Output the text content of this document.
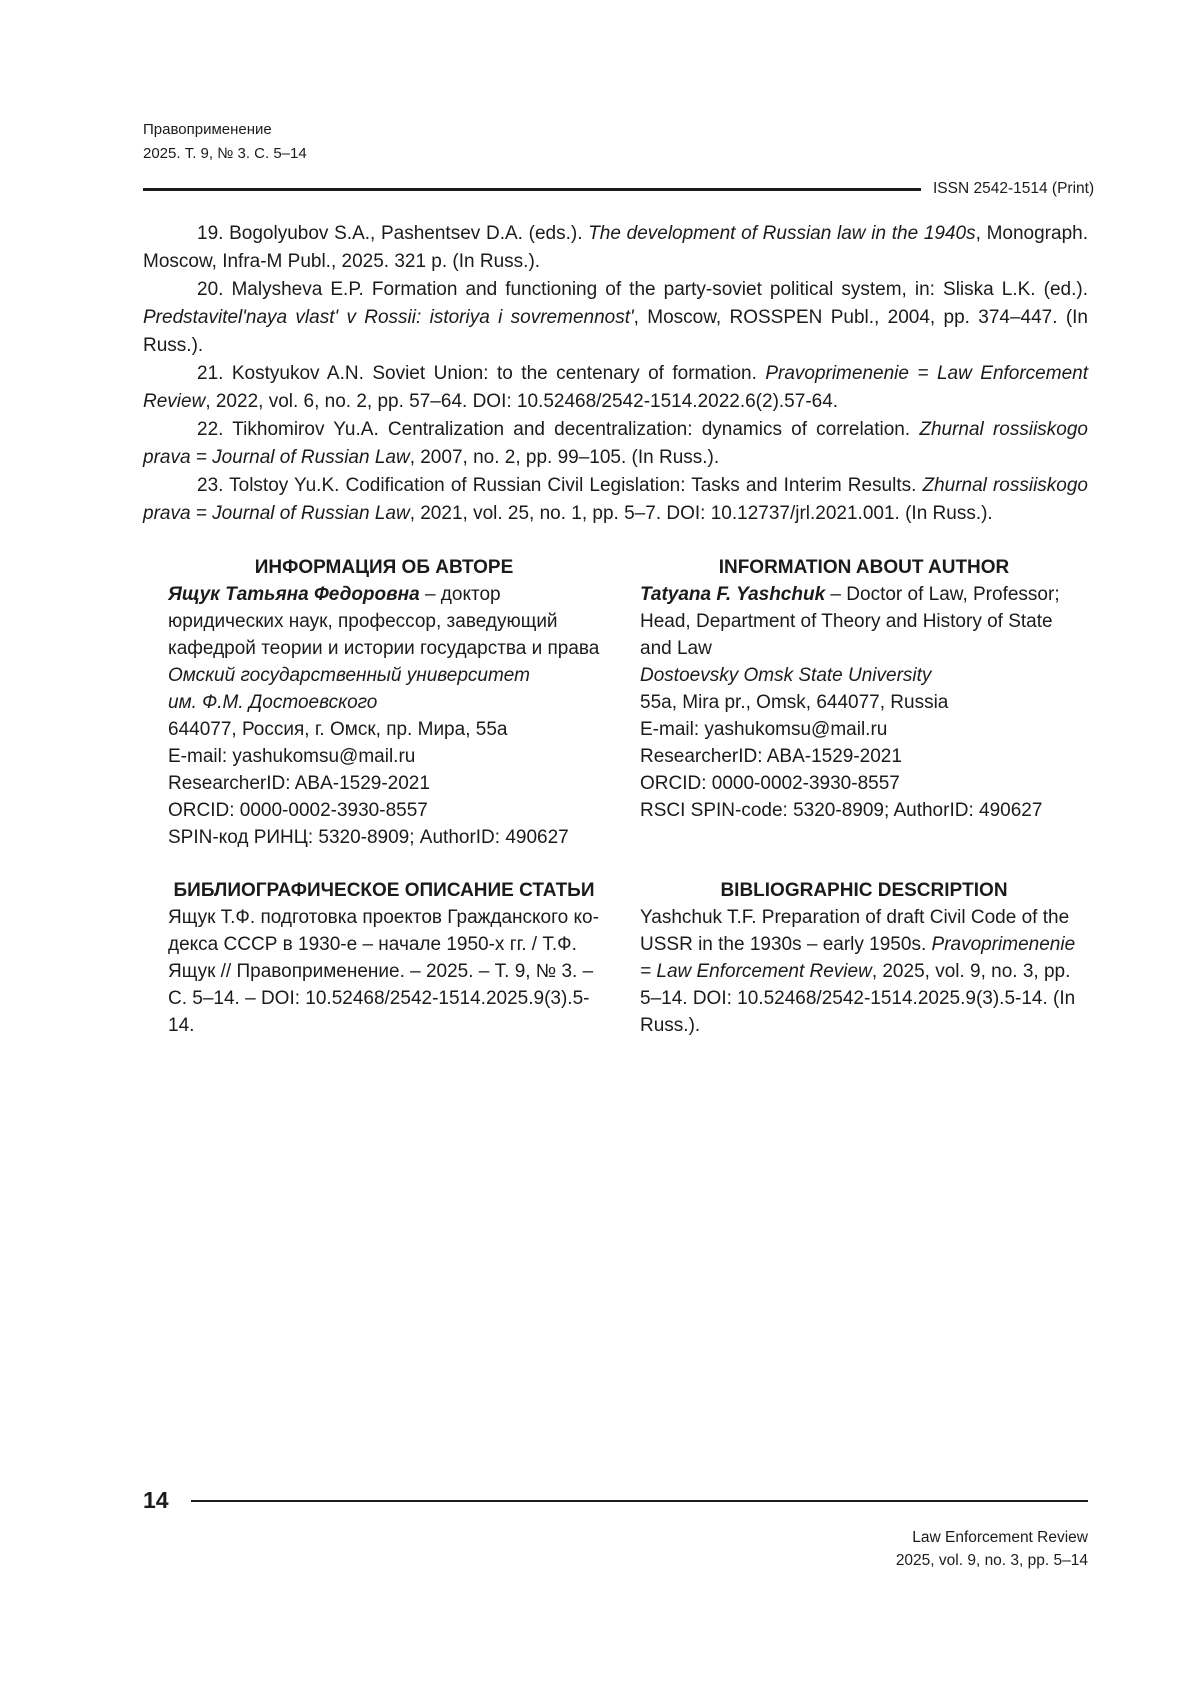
Правоприменение
2025. Т. 9, № 3. С. 5–14
ISSN 2542-1514 (Print)

19. Bogolyubov S.A., Pashentsev D.A. (eds.). The development of Russian law in the 1940s, Monograph. Moscow, Infra-M Publ., 2025. 321 p. (In Russ.).

20. Malysheva E.P. Formation and functioning of the party-soviet political system, in: Sliska L.K. (ed.). Predstavitel'naya vlast' v Rossii: istoriya i sovremennost', Moscow, ROSSPEN Publ., 2004, pp. 374–447. (In Russ.).

21. Kostyukov A.N. Soviet Union: to the centenary of formation. Pravoprimenenie = Law Enforcement Review, 2022, vol. 6, no. 2, pp. 57–64. DOI: 10.52468/2542-1514.2022.6(2).57-64.

22. Tikhomirov Yu.A. Centralization and decentralization: dynamics of correlation. Zhurnal rossiiskogo prava = Journal of Russian Law, 2007, no. 2, pp. 99–105. (In Russ.).

23. Tolstoy Yu.K. Codification of Russian Civil Legislation: Tasks and Interim Results. Zhurnal rossiiskogo prava = Journal of Russian Law, 2021, vol. 25, no. 1, pp. 5–7. DOI: 10.12737/jrl.2021.001. (In Russ.).

ИНФОРМАЦИЯ ОБ АВТОРЕ

Ящук Татьяна Федоровна – доктор юридических наук, профессор, заведующий кафедрой теории и истории государства и права

Омский государственный университет
им. Ф.М. Достоевского

644077, Россия, г. Омск, пр. Мира, 55а

E-mail: yashukomsu@mail.ru

ResearcherID: ABA-1529-2021

ORCID: 0000-0002-3930-8557

SPIN-код РИНЦ: 5320-8909; AuthorID: 490627

INFORMATION ABOUT AUTHOR

Tatyana F. Yashchuk – Doctor of Law, Professor; Head, Department of Theory and History of State and Law

Dostoevsky Omsk State University

55a, Mira pr., Omsk, 644077, Russia

E-mail: yashukomsu@mail.ru

ResearcherID: ABA-1529-2021

ORCID: 0000-0002-3930-8557

RSCI SPIN-code: 5320-8909; AuthorID: 490627

БИБЛИОГРАФИЧЕСКОЕ ОПИСАНИЕ СТАТЬИ

Ящук Т.Ф. подготовка проектов Гражданского кодекса СССР в 1930-е – начале 1950-х гг. / Т.Ф. Ящук // Правоприменение. – 2025. – Т. 9, № 3. – С. 5–14. – DOI: 10.52468/2542-1514.2025.9(3).5-14.

BIBLIOGRAPHIC DESCRIPTION

Yashchuk T.F. Preparation of draft Civil Code of the USSR in the 1930s – early 1950s. Pravoprimenenie = Law Enforcement Review, 2025, vol. 9, no. 3, pp. 5–14. DOI: 10.52468/2542-1514.2025.9(3).5-14. (In Russ.).

14
Law Enforcement Review
2025, vol. 9, no. 3, pp. 5–14
